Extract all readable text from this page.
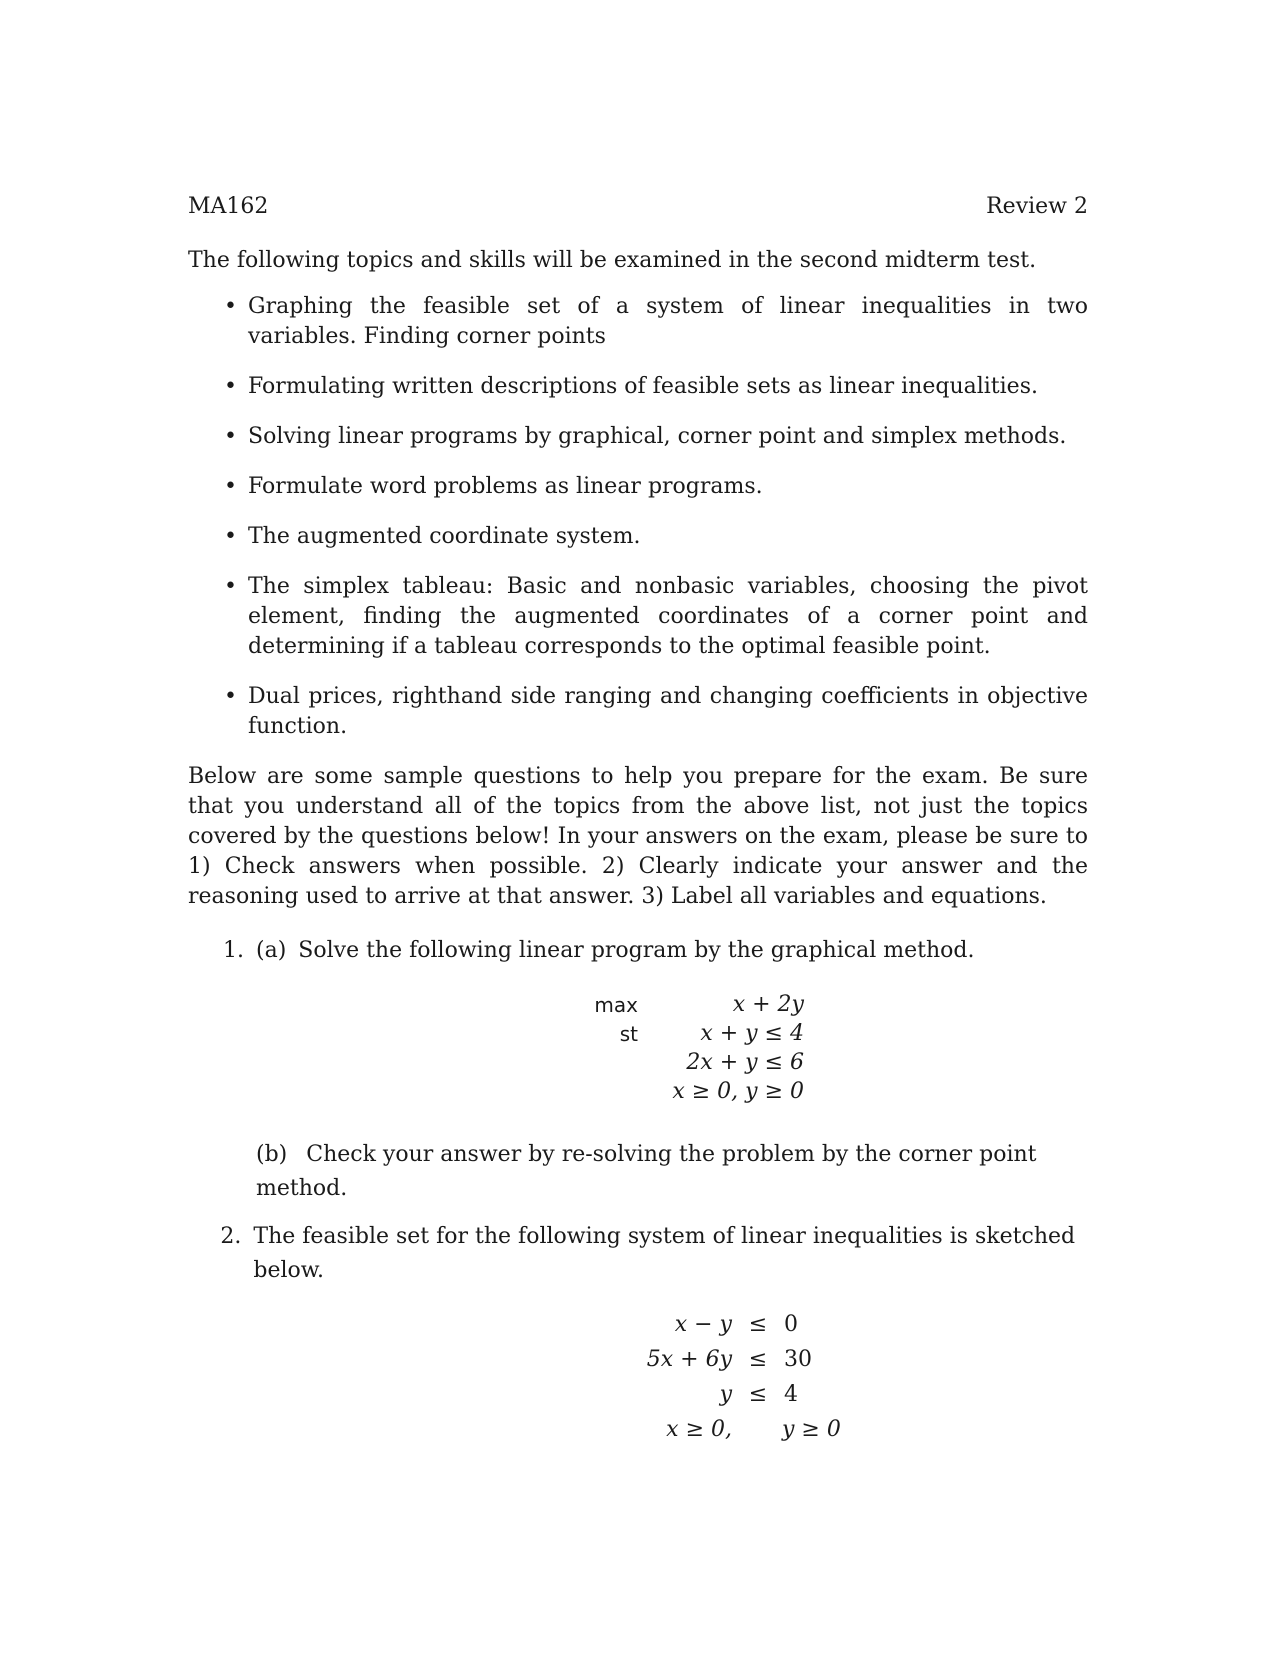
MA162	Review 2
The following topics and skills will be examined in the second midterm test.
• Graphing the feasible set of a system of linear inequalities in two variables. Finding corner points
• Formulating written descriptions of feasible sets as linear inequalities.
• Solving linear programs by graphical, corner point and simplex methods.
• Formulate word problems as linear programs.
• The augmented coordinate system.
• The simplex tableau: Basic and nonbasic variables, choosing the pivot element, finding the augmented coordinates of a corner point and determining if a tableau corresponds to the optimal feasible point.
• Dual prices, righthand side ranging and changing coefficients in objective function.
Below are some sample questions to help you prepare for the exam. Be sure that you understand all of the topics from the above list, not just the topics covered by the questions below! In your answers on the exam, please be sure to 1) Check answers when possible. 2) Clearly indicate your answer and the reasoning used to arrive at that answer. 3) Label all variables and equations.
1. (a) Solve the following linear program by the graphical method.
max	x + 2y
st	x + y ≤ 4
2x + y ≤ 6
x ≥ 0, y ≥ 0
(b) Check your answer by re-solving the problem by the corner point method.
2. The feasible set for the following system of linear inequalities is sketched below.
x − y ≤ 0
5x + 6y ≤ 30
y ≤ 4
x ≥ 0, y ≥ 0
